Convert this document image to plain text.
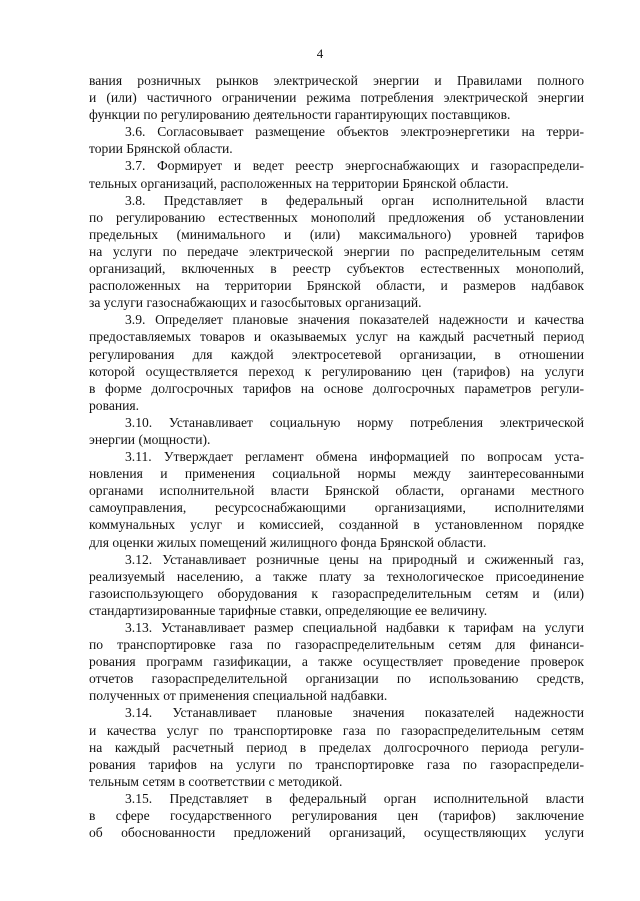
4
вания розничных рынков электрической энергии и Правилами полного
и (или) частичного ограничении режима потребления электрической энергии
функции по регулированию деятельности гарантирующих поставщиков.
3.6. Согласовывает размещение объектов электроэнергетики на терри-
тории Брянской области.
3.7. Формирует и ведет реестр энергоснабжающих и газораспредели-
тельных организаций, расположенных на территории Брянской области.
3.8. Представляет в федеральный орган исполнительной власти
по регулированию естественных монополий предложения об установлении
предельных (минимального и (или) максимального) уровней тарифов
на услуги по передаче электрической энергии по распределительным сетям
организаций, включенных в реестр субъектов естественных монополий,
расположенных на территории Брянской области, и размеров надбавок
за услуги газоснабжающих и газосбытовых организаций.
3.9. Определяет плановые значения показателей надежности и качества
предоставляемых товаров и оказываемых услуг на каждый расчетный период
регулирования для каждой электросетевой организации, в отношении
которой осуществляется переход к регулированию цен (тарифов) на услуги
в форме долгосрочных тарифов на основе долгосрочных параметров регули-
рования.
3.10. Устанавливает социальную норму потребления электрической
энергии (мощности).
3.11. Утверждает регламент обмена информацией по вопросам уста-
новления и применения социальной нормы между заинтересованными
органами исполнительной власти Брянской области, органами местного
самоуправления, ресурсоснабжающими организациями, исполнителями
коммунальных услуг и комиссией, созданной в установленном порядке
для оценки жилых помещений жилищного фонда Брянской области.
3.12. Устанавливает розничные цены на природный и сжиженный газ,
реализуемый населению, а также плату за технологическое присоединение
газоиспользующего оборудования к газораспределительным сетям и (или)
стандартизированные тарифные ставки, определяющие ее величину.
3.13. Устанавливает размер специальной надбавки к тарифам на услуги
по транспортировке газа по газораспределительным сетям для финанси-
рования программ газификации, а также осуществляет проведение проверок
отчетов газораспределительной организации по использованию средств,
полученных от применения специальной надбавки.
3.14. Устанавливает плановые значения показателей надежности
и качества услуг по транспортировке газа по газораспределительным сетям
на каждый расчетный период в пределах долгосрочного периода регули-
рования тарифов на услуги по транспортировке газа по газораспредели-
тельным сетям в соответствии с методикой.
3.15. Представляет в федеральный орган исполнительной власти
в сфере государственного регулирования цен (тарифов) заключение
об обоснованности предложений организаций, осуществляющих услуги
